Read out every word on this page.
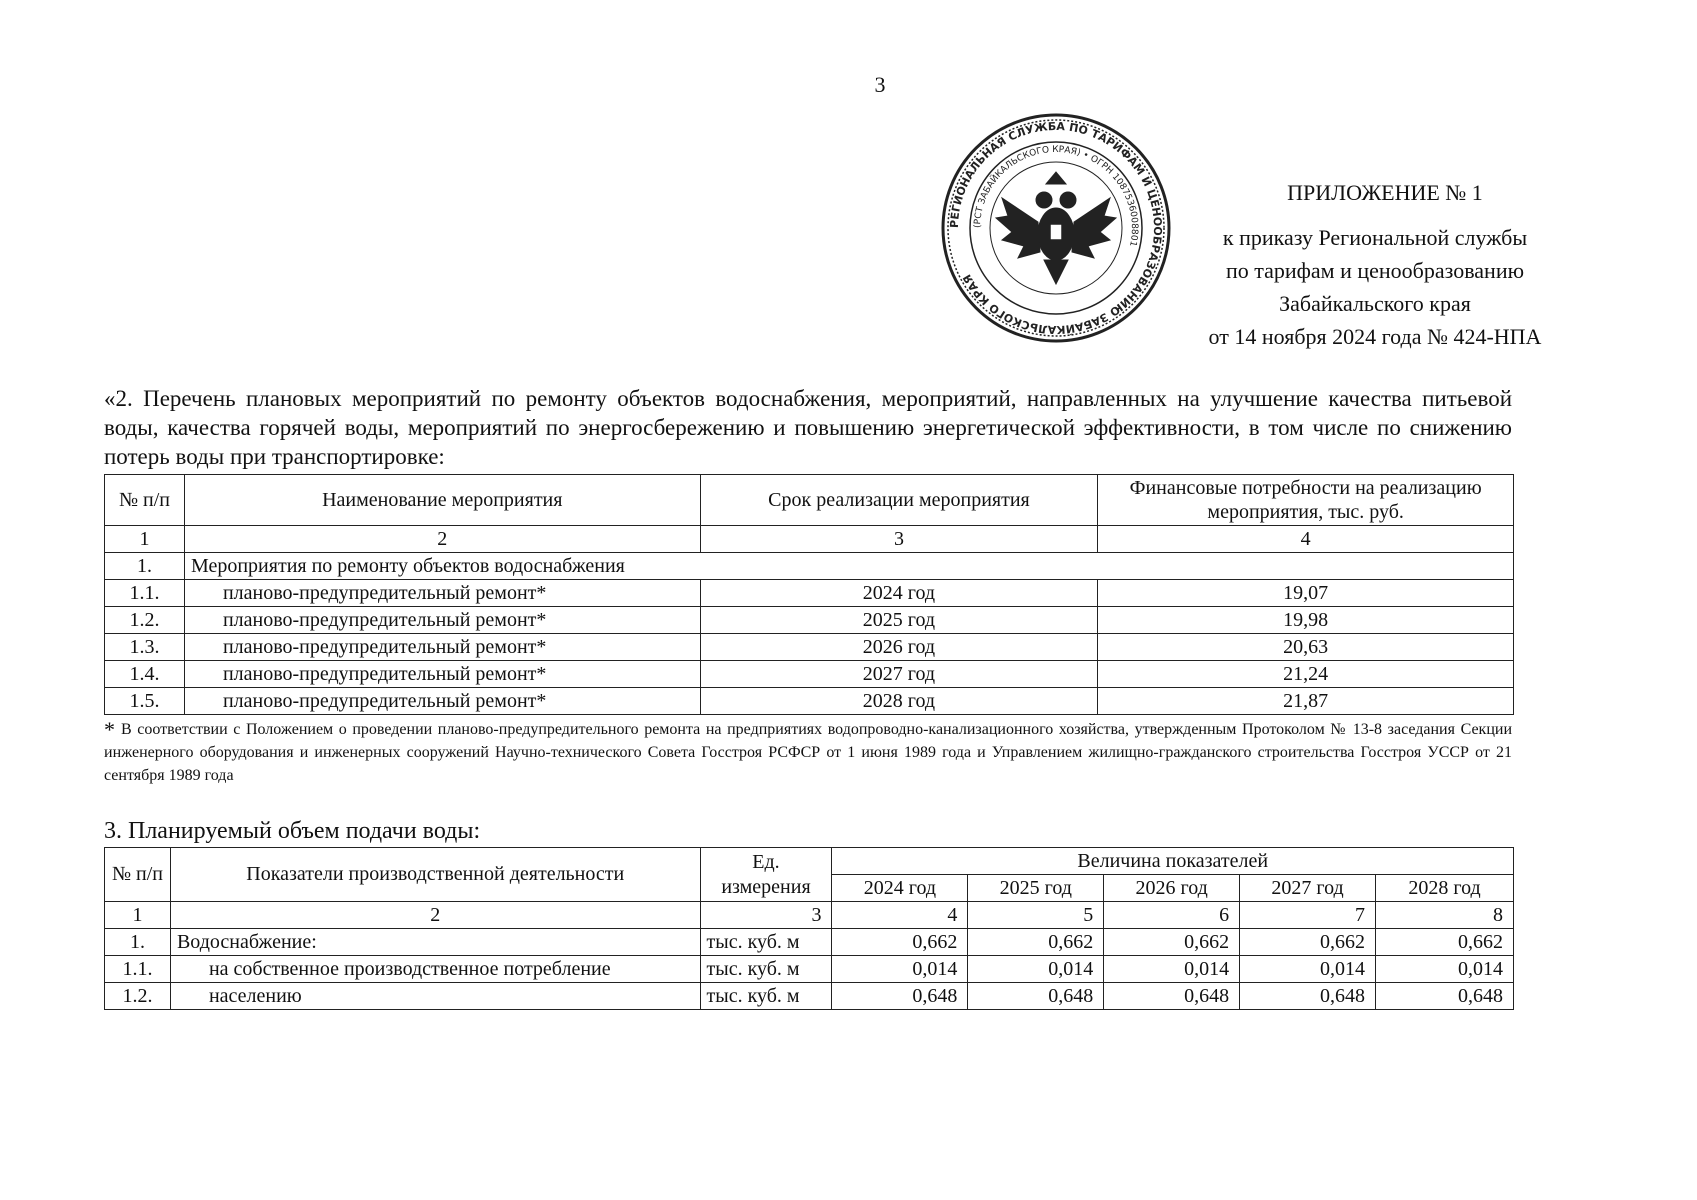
3
РЕГИОНАЛЬНАЯ СЛУЖБА ПО ТАРИФАМ И ЦЕНООБРАЗОВАНИЮ ЗАБАЙКАЛЬСКОГО КРАЯ
(РСТ ЗАБАЙКАЛЬСКОГО КРАЯ) • ОГРН 1087536008801
ПРИЛОЖЕНИЕ № 1
к приказу Региональной службы
по тарифам и ценообразованию
Забайкальского края
от 14 ноября 2024 года № 424-НПА
«2. Перечень плановых мероприятий по ремонту объектов водоснабжения, мероприятий, направленных на улучшение качества питьевой воды, качества горячей воды, мероприятий по энергосбережению и повышению энергетической эффективности, в том числе по снижению потерь воды при транспортировке:
№ п/п	Наименование мероприятия	Срок реализации мероприятия	Финансовые потребности на реализацию мероприятия, тыс. руб.
1	2	3	4
1.	Мероприятия по ремонту объектов водоснабжения		
1.1.	планово-предупредительный ремонт*	2024 год	19,07
1.2.	планово-предупредительный ремонт*	2025 год	19,98
1.3.	планово-предупредительный ремонт*	2026 год	20,63
1.4.	планово-предупредительный ремонт*	2027 год	21,24
1.5.	планово-предупредительный ремонт*	2028 год	21,87
* В соответствии с Положением о проведении планово-предупредительного ремонта на предприятиях водопроводно-канализационного хозяйства, утвержденным Протоколом № 13-8 заседания Секции инженерного оборудования и инженерных сооружений Научно-технического Совета Госстроя РСФСР от 1 июня 1989 года и Управлением жилищно-гражданского строительства Госстроя УССР от 21 сентября 1989 года
3. Планируемый объем подачи воды:
№ п/п	Показатели производственной деятельности	Ед. измерения	Величина показателей				
			2024 год	2025 год	2026 год	2027 год	2028 год
1	2	3	4	5	6	7	8
1.	Водоснабжение:	тыс. куб. м	0,662	0,662	0,662	0,662	0,662
1.1.	на собственное производственное потребление	тыс. куб. м	0,014	0,014	0,014	0,014	0,014
1.2.	населению	тыс. куб. м	0,648	0,648	0,648	0,648	0,648
